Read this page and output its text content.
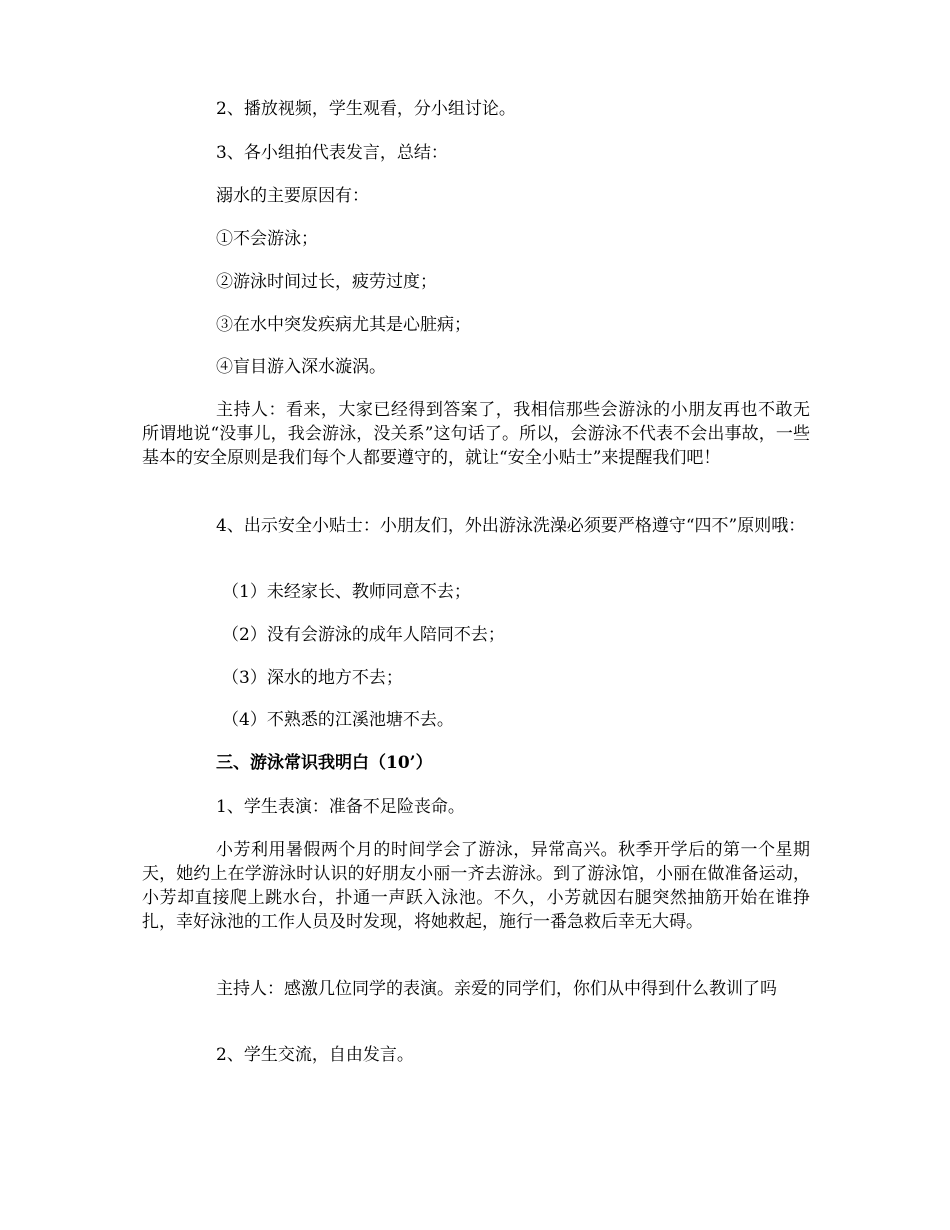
2、播放视频，学生观看，分小组讨论。

3、各小组拍代表发言，总结：

溺水的主要原因有：

①不会游泳；

②游泳时间过长，疲劳过度；

③在水中突发疾病尤其是心脏病；

④盲目游入深水漩涡。

主持人：看来，大家已经得到答案了，我相信那些会游泳的小朋友再也不敢无所谓地说“没事儿，我会游泳，没关系”这句话了。所以，会游泳不代表不会出事故，一些基本的安全原则是我们每个人都要遵守的，就让“安全小贴士”来提醒我们吧！

4、出示安全小贴士：小朋友们，外出游泳洗澡必须要严格遵守“四不”原则哦：

（1）未经家长、教师同意不去；

（2）没有会游泳的成年人陪同不去；

（3）深水的地方不去；

（4）不熟悉的江溪池塘不去。

三、游泳常识我明白（10’）

1、学生表演：准备不足险丧命。

小芳利用暑假两个月的时间学会了游泳，异常高兴。秋季开学后的第一个星期天，她约上在学游泳时认识的好朋友小丽一齐去游泳。到了游泳馆，小丽在做准备运动，小芳却直接爬上跳水台，扑通一声跃入泳池。不久，小芳就因右腿突然抽筋开始在谁挣扎，幸好泳池的工作人员及时发现，将她救起，施行一番急救后幸无大碍。

主持人：感激几位同学的表演。亲爱的同学们，你们从中得到什么教训了吗

2、学生交流，自由发言。
